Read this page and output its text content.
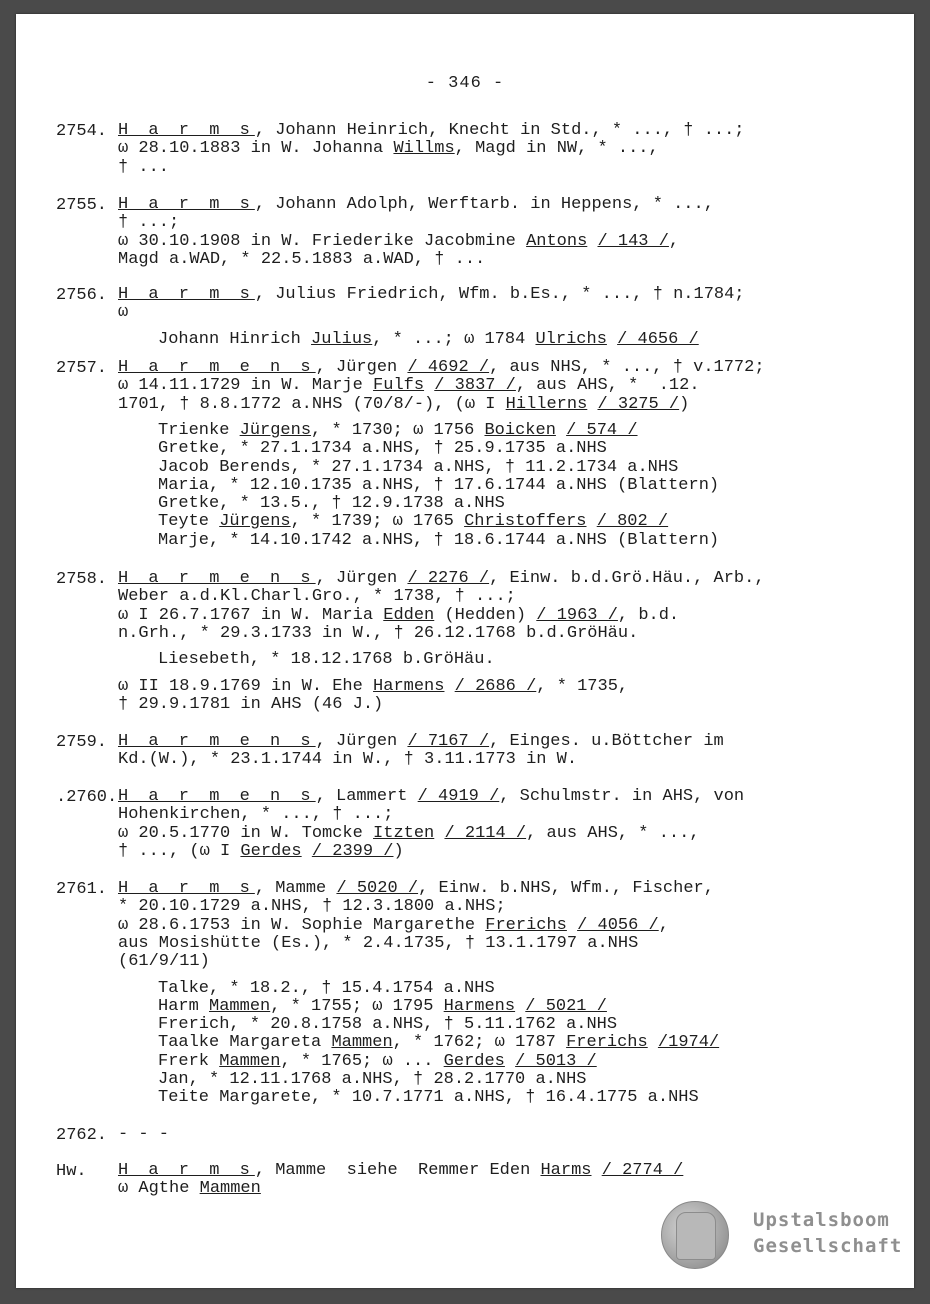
- 346 -
2754. H a r m s, Johann Heinrich, Knecht in Std., * ..., † ...;
ω 28.10.1883 in W. Johanna Willms, Magd in NW, * ...,
† ...
2755. H a r m s, Johann Adolph, Werftarb. in Heppens, * ...,
† ...;
ω 30.10.1908 in W. Friederike Jacobmine Antons / 143 /,
Magd a.WAD, * 22.5.1883 a.WAD, † ...
2756. H a r m s, Julius Friedrich, Wfm. b.Es., * ..., † n.1784;
ω
Johann Hinrich Julius, * ...; ω 1784 Ulrichs / 4656 /
2757. H a r m e n s, Jürgen / 4692 /, aus NHS, * ..., † v.1772;
ω 14.11.1729 in W. Marje Fulfs / 3837 /, aus AHS, *  .12.
1701, † 8.8.1772 a.NHS (70/8/-), (ω I Hillerns / 3275 /)
Trienke Jürgens, * 1730; ω 1756 Boicken / 574 /
Gretke, * 27.1.1734 a.NHS, † 25.9.1735 a.NHS
Jacob Berends, * 27.1.1734 a.NHS, † 11.2.1734 a.NHS
Maria, * 12.10.1735 a.NHS, † 17.6.1744 a.NHS (Blattern)
Gretke, * 13.5., † 12.9.1738 a.NHS
Teyte Jürgens, * 1739; ω 1765 Christoffers / 802 /
Marje, * 14.10.1742 a.NHS, † 18.6.1744 a.NHS (Blattern)
2758. H a r m e n s, Jürgen / 2276 /, Einw. b.d.Grö.Häu., Arb.,
Weber a.d.Kl.Charl.Gro., * 1738, † ...;
ω I 26.7.1767 in W. Maria Edden (Hedden) / 1963 /, b.d.
n.Grh., * 29.3.1733 in W., † 26.12.1768 b.d.GröHäu.
Liesebeth, * 18.12.1768 b.GröHäu.
ω II 18.9.1769 in W. Ehe Harmens / 2686 /, * 1735,
† 29.9.1781 in AHS (46 J.)
2759. H a r m e n s, Jürgen / 7167 /, Einges. u.Böttcher im
Kd.(W.), * 23.1.1744 in W., † 3.11.1773 in W.
.2760. H a r m e n s, Lammert / 4919 /, Schulmstr. in AHS, von
Hohenkirchen, * ..., † ...;
ω 20.5.1770 in W. Tomcke Itzten / 2114 /, aus AHS, * ...,
† ..., (ω I Gerdes / 2399 /)
2761. H a r m s, Mamme / 5020 /, Einw. b.NHS, Wfm., Fischer,
* 20.10.1729 a.NHS, † 12.3.1800 a.NHS;
ω 28.6.1753 in W. Sophie Margarethe Frerichs / 4056 /,
aus Mosishütte (Es.), * 2.4.1735, † 13.1.1797 a.NHS
(61/9/11)
Talke, * 18.2., † 15.4.1754 a.NHS
Harm Mammen, * 1755; ω 1795 Harmens / 5021 /
Frerich, * 20.8.1758 a.NHS, † 5.11.1762 a.NHS
Taalke Margareta Mammen, * 1762; ω 1787 Frerichs /1974/
Frerk Mammen, * 1765; ω ... Gerdes / 5013 /
Jan, * 12.11.1768 a.NHS, † 28.2.1770 a.NHS
Teite Margarete, * 10.7.1771 a.NHS, † 16.4.1775 a.NHS
2762. - - -
Hw. H a r m s, Mamme  siehe  Remmer Eden Harms / 2774 /
ω Agthe Mammen
Upstalsboom
Gesellschaft
